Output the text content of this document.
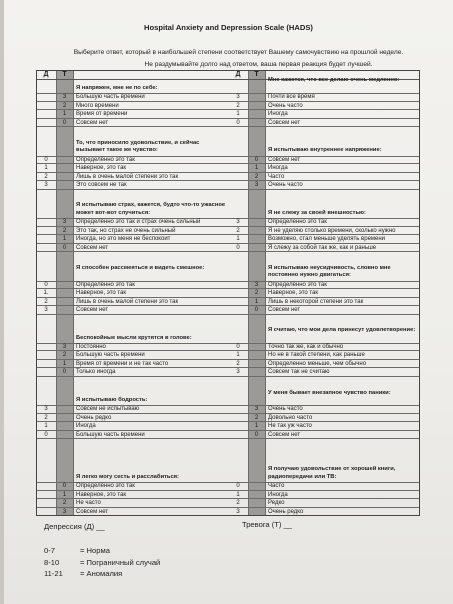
Hospital Anxiety and Depression Scale (HADS)
Выберите ответ, который в наибольшей степени соответствует Вашему самочувствию на прошлой неделе.
Не раздумывайте долго над ответом, ваша первая реакция будет лучшей.
Д	Т
Я напряжен, мне не по себе:
3	Большую часть времени
2	Много времени
1	Время от времени
0	Совсем нет
То, что приносило удовольствие, и сейчас вызывает такое же чувство:
0	Определённо это так
1	Наверное, это так
2	Лишь в очень малой степени это так
3	Это совсем не так
Я испытываю страх, кажется, будто что-то ужасное может вот-вот случиться:
3	Определённо это так и страх очень сильный
2	Это так, но страх не очень сильный
1	Иногда, но это меня не беспокоит
0	Совсем нет
Я способен рассмеяться и видеть смешное:
0	Определённо это так
1.	Наверное, это так
2	Лишь в очень малой степени это так
3	Совсем нет
Беспокойные мысли крутятся в голове:
3	Постоянно
2	Большую часть времени
1	Время от времени и не так часто
0	Только иногда
Я испытываю бодрость:
3	Совсем не испытываю
2	Очень редко
1	Иногда
0	Большую часть времени
Я легко могу сесть и расслабиться:
0	Определённо это так
1	Наверное, это так
2	Не часто
3	Совсем нет
Д	Т
Мне кажется, что все делаю очень медленно:
3	Почти все время
2	Очень часто
1	Иногда
0	Совсем нет
Я испытываю внутреннее напряжение:
0	Совсем нет
1	Иногда
2	Часто
3	Очень часто
Я не слежу за своей внешностью:
3	Определенно это так
2	Я не уделяю столько времени, сколько нужно
1	Возможно, стал меньше уделять времени
0	Я слежу за собой так же, как и раньше
Я испытываю неусидчивость, словно мне постоянно нужно двигаться:
3	Определённо это так
2	Наверное, это так
1	Лишь в некоторой степени это так
0	Совсем нет
Я считаю, что мои дела принесут удовлетворение:
0	Точно так же, как и обычно
1	Но не в такой степени, как раньше
2	Определенно меньше, чем обычно
3	Совсем так не считаю
У меня бывает внезапное чувство паники:
3	Очень часто
2	Довольно часто
1	Не так уж часто
0	Совсем нет
Я получаю удовольствие от хорошей книги, радиопередачи или ТВ:
0	Часто
1	Иногда
2	Редко
3	Очень редко
Депрессия (Д) __	Тревога (Т) __
0-7	= Норма
8-10	= Пограничный случай
11-21 = Аномалия
